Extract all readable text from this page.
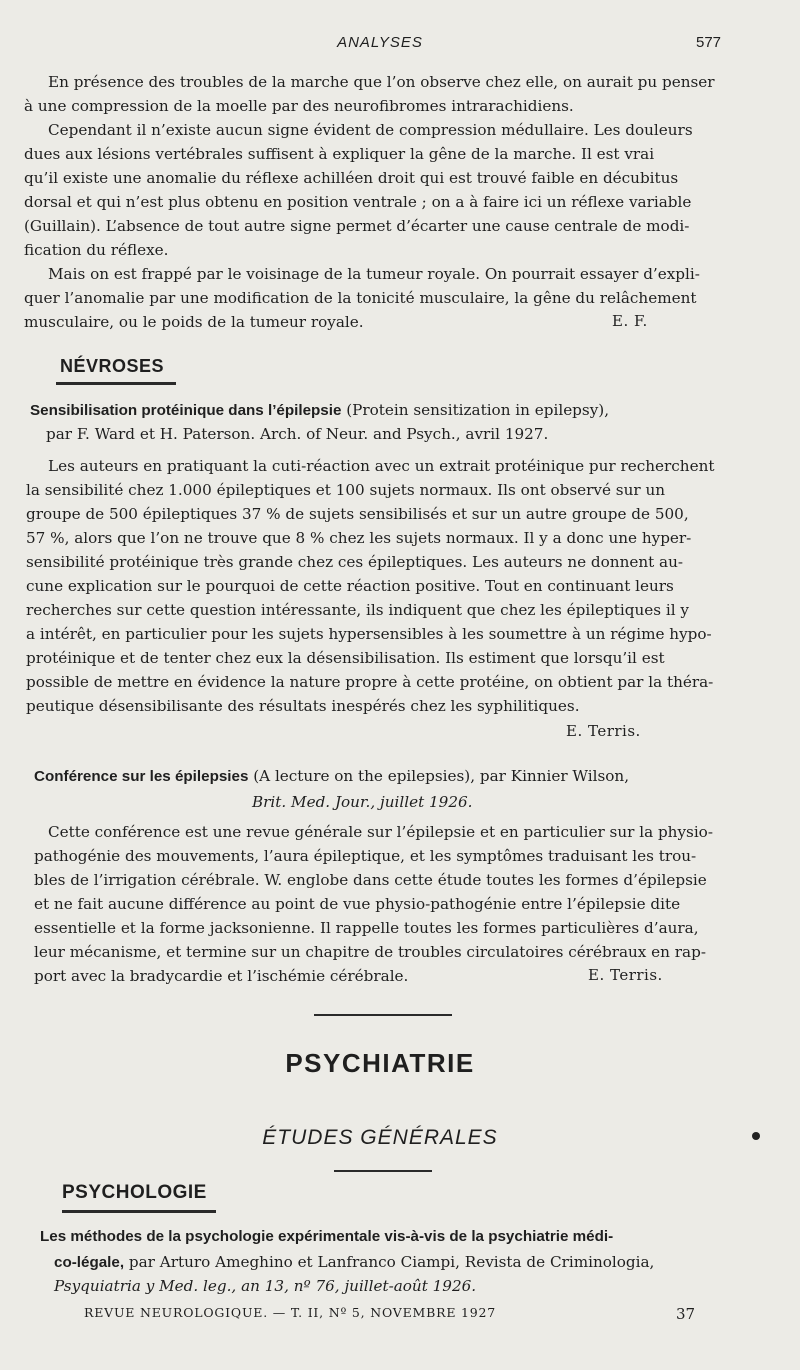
ANALYSES	577
En présence des troubles de la marche que l’on observe chez elle, on aurait pu penser
à une compression de la moelle par des neurofibromes intrarachidiens.
Cependant il n’existe aucun signe évident de compression médullaire. Les douleurs
dues aux lésions vertébrales suffisent à expliquer la gêne de la marche. Il est vrai
qu’il existe une anomalie du réflexe achilléen droit qui est trouvé faible en décubitus
dorsal et qui n’est plus obtenu en position ventrale ; on a à faire ici un réflexe variable
(Guillain). L’absence de tout autre signe permet d’écarter une cause centrale de modi-
fication du réflexe.
Mais on est frappé par le voisinage de la tumeur royale. On pourrait essayer d’expli-
quer l’anomalie par une modification de la tonicité musculaire, la gêne du relâchement
musculaire, ou le poids de la tumeur royale.	E. F.
NÉVROSES
Sensibilisation protéinique dans l’épilepsie (Protein sensitization in epilepsy),
par F. Ward et H. Paterson. Arch. of Neur. and Psych., avril 1927.
Les auteurs en pratiquant la cuti-réaction avec un extrait protéinique pur recherchent
la sensibilité chez 1.000 épileptiques et 100 sujets normaux. Ils ont observé sur un
groupe de 500 épileptiques 37 % de sujets sensibilisés et sur un autre groupe de 500,
57 %, alors que l’on ne trouve que 8 % chez les sujets normaux. Il y a donc une hyper-
sensibilité protéinique très grande chez ces épileptiques. Les auteurs ne donnent au-
cune explication sur le pourquoi de cette réaction positive. Tout en continuant leurs
recherches sur cette question intéressante, ils indiquent que chez les épileptiques il y
a intérêt, en particulier pour les sujets hypersensibles à les soumettre à un régime hypo-
protéinique et de tenter chez eux la désensibilisation. Ils estiment que lorsqu’il est
possible de mettre en évidence la nature propre à cette protéine, on obtient par la théra-
peutique désensibilisante des résultats inespérés chez les syphilitiques.
E. Terris.
Conférence sur les épilepsies (A lecture on the epilepsies), par Kinnier Wilson,
Brit. Med. Jour., juillet 1926.
Cette conférence est une revue générale sur l’épilepsie et en particulier sur la physio-
pathogénie des mouvements, l’aura épileptique, et les symptômes traduisant les trou-
bles de l’irrigation cérébrale. W. englobe dans cette étude toutes les formes d’épilepsie
et ne fait aucune différence au point de vue physio-pathogénie entre l’épilepsie dite
essentielle et la forme jacksonienne. Il rappelle toutes les formes particulières d’aura,
leur mécanisme, et termine sur un chapitre de troubles circulatoires cérébraux en rap-
port avec la bradycardie et l’ischémie cérébrale.	E. Terris.
PSYCHIATRIE
ÉTUDES GÉNÉRALES
PSYCHOLOGIE
Les méthodes de la psychologie expérimentale vis-à-vis de la psychiatrie médi-
co-légale, par Arturo Ameghino et Lanfranco Ciampi, Revista de Criminologia,
Psyquiatria y Med. leg., an 13, nº 76, juillet-août 1926.
REVUE NEUROLOGIQUE. — T. II, Nº 5, NOVEMBRE 1927	37
